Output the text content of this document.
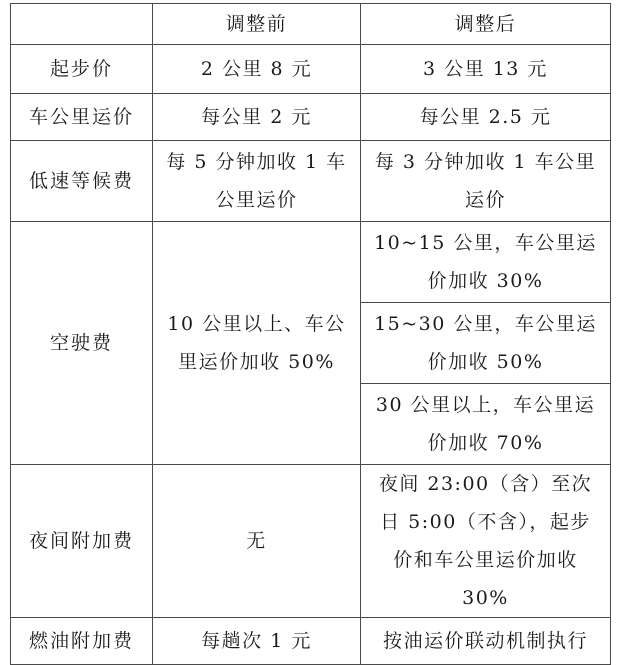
	调整前	调整后
起步价	2 公里 8 元	3 公里 13 元
车公里运价	每公里 2 元	每公里 2.5 元
低速等候费	每 5 分钟加收 1 车公里运价	每 3 分钟加收 1 车公里运价
空驶费	10 公里以上、车公里运价加收 50%	10~15 公里，车公里运价加收 30%
		15~30 公里，车公里运价加收 50%
		30 公里以上，车公里运价加收 70%
夜间附加费	无	夜间 23:00（含）至次日 5:00（不含），起步价和车公里运价加收 30%
燃油附加费	每趟次 1 元	按油运价联动机制执行
